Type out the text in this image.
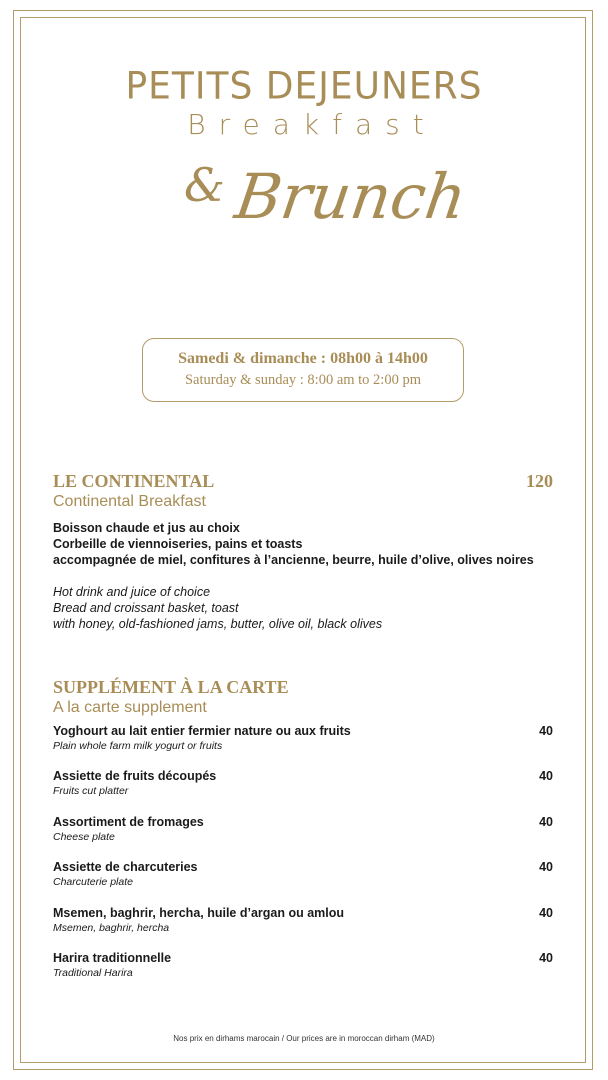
PETITS DEJEUNERS
Breakfast
& Brunch
Samedi & dimanche : 08h00 à 14h00
Saturday & sunday : 8:00 am to 2:00 pm
LE CONTINENTAL	120
Continental Breakfast
Boisson chaude et jus au choix
Corbeille de viennoiseries, pains et toasts
accompagnée de miel, confitures à l’ancienne, beurre, huile d’olive, olives noires
Hot drink and juice of choice
Bread and croissant basket, toast
with honey, old-fashioned jams, butter, olive oil, black olives
SUPPLÉMENT À LA CARTE
A la carte supplement
Yoghourt au lait entier fermier nature ou aux fruits
Plain whole farm milk yogurt or fruits
40
Assiette de fruits découpés
Fruits cut platter
40
Assortiment de fromages
Cheese plate
40
Assiette de charcuteries
Charcuterie plate
40
Msemen, baghrir, hercha, huile d’argan ou amlou
Msemen, baghrir, hercha
40
Harira traditionnelle
Traditional Harira
40
Nos prix en dirhams marocain / Our prices are in moroccan dirham (MAD)
